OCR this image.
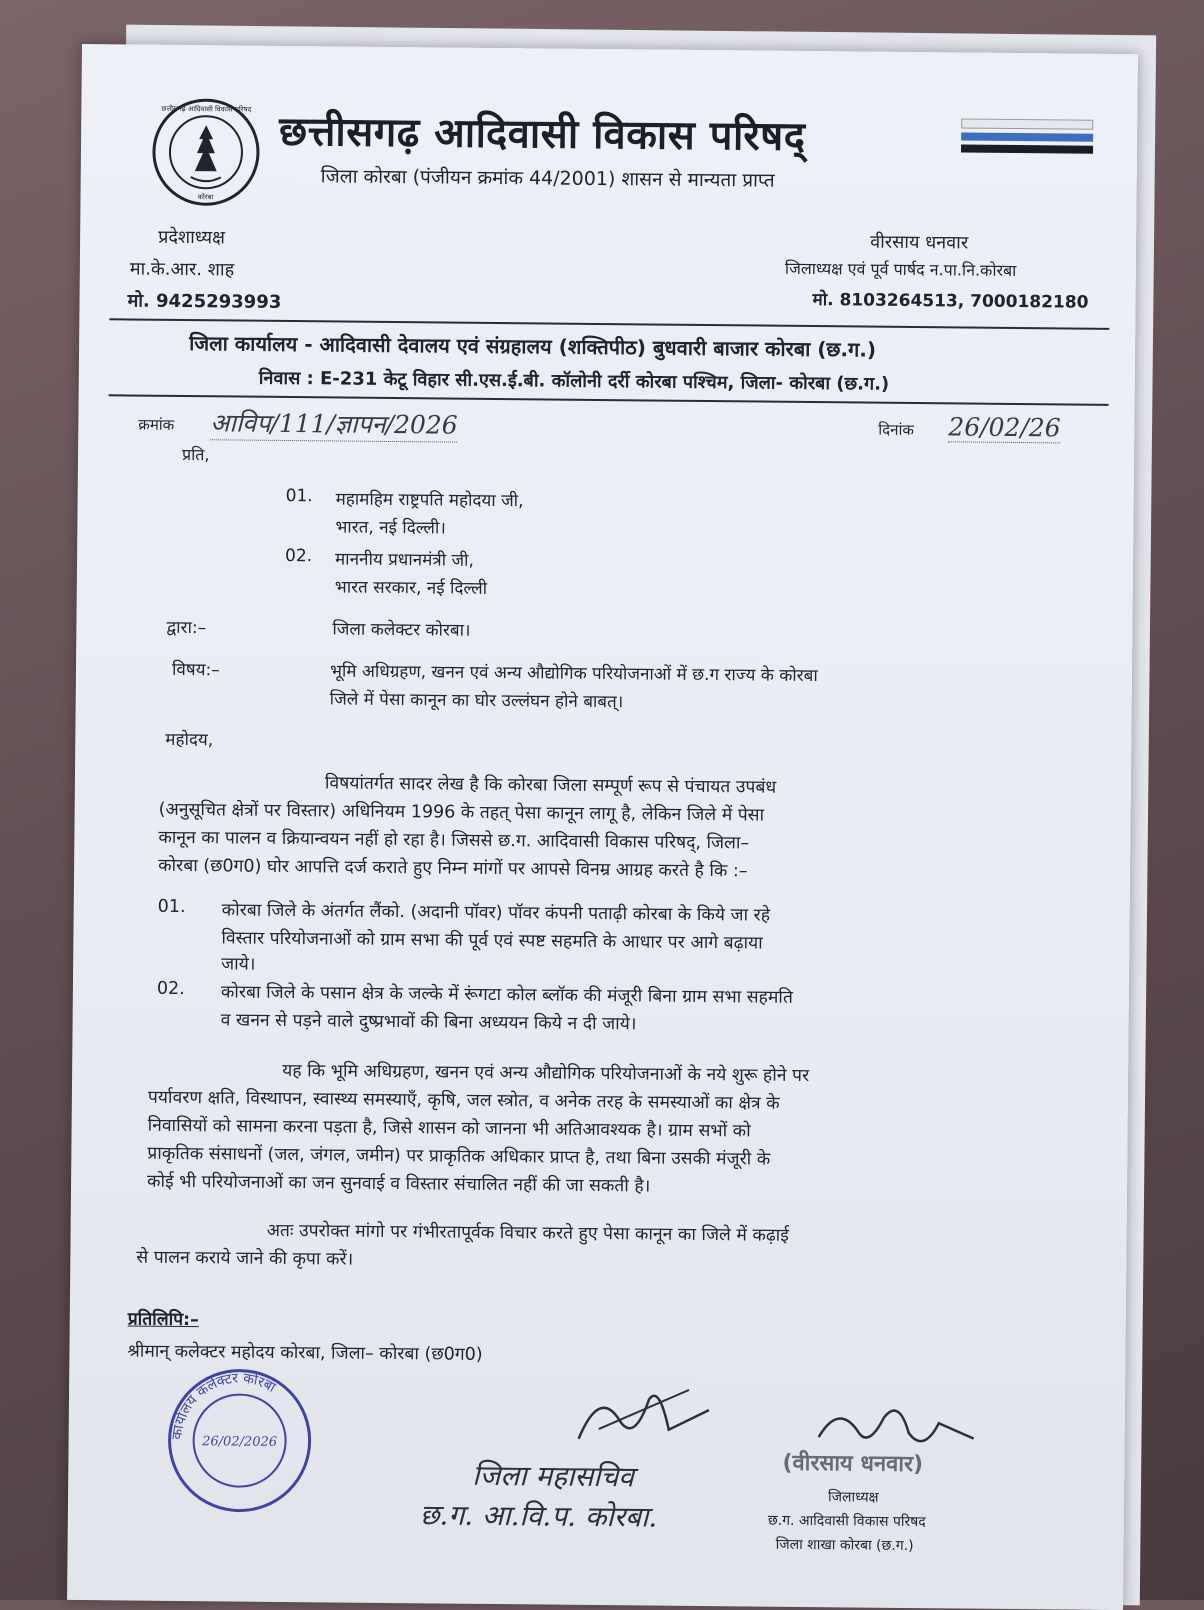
छत्तीसगढ़ आदिवासी विकास परिषद
कोरबा
छत्तीसगढ़ आदिवासी विकास परिषद्
जिला कोरबा (पंजीयन क्रमांक 44/2001) शासन से मान्यता प्राप्त
प्रदेशाध्यक्ष
मा.के.आर. शाह
मो. 9425293993
वीरसाय धनवार
जिलाध्यक्ष एवं पूर्व पार्षद न.पा.नि.कोरबा
मो. 8103264513, 7000182180
जिला कार्यालय - आदिवासी देवालय एवं संग्रहालय (शक्तिपीठ) बुधवारी बाजार कोरबा (छ.ग.)
निवास : E-231 केटू विहार सी.एस.ई.बी. कॉलोनी दर्री कोरबा पश्चिम, जिला- कोरबा (छ.ग.)
क्रमांक आविप/111/ज्ञापन/2026	दिनांक 26/02/26
प्रति,
01. महामहिम राष्ट्रपति महोदया जी,
भारत, नई दिल्ली।
02. माननीय प्रधानमंत्री जी,
भारत सरकार, नई दिल्ली
द्वारा:–	जिला कलेक्टर कोरबा।
विषय:–	भूमि अधिग्रहण, खनन एवं अन्य औद्योगिक परियोजनाओं में छ.ग राज्य के कोरबा
जिले में पेसा कानून का घोर उल्लंघन होने बाबत्।
महोदय,
विषयांतर्गत सादर लेख है कि कोरबा जिला सम्पूर्ण रूप से पंचायत उपबंध
(अनुसूचित क्षेत्रों पर विस्तार) अधिनियम 1996 के तहत् पेसा कानून लागू है, लेकिन जिले में पेसा
कानून का पालन व क्रियान्वयन नहीं हो रहा है। जिससे छ.ग. आदिवासी विकास परिषद्, जिला–
कोरबा (छ0ग0) घोर आपत्ति दर्ज कराते हुए निम्न मांगों पर आपसे विनम्र आग्रह करते है कि :–
01. कोरबा जिले के अंतर्गत लैंको. (अदानी पॉवर) पॉवर कंपनी पताढ़ी कोरबा के किये जा रहे
विस्तार परियोजनाओं को ग्राम सभा की पूर्व एवं स्पष्ट सहमति के आधार पर आगे बढ़ाया
जाये।
02. कोरबा जिले के पसान क्षेत्र के जल्के में रूंगटा कोल ब्लॉक की मंजूरी बिना ग्राम सभा सहमति
व खनन से पड़ने वाले दुष्प्रभावों की बिना अध्ययन किये न दी जाये।
यह कि भूमि अधिग्रहण, खनन एवं अन्य औद्योगिक परियोजनाओं के नये शुरू होने पर
पर्यावरण क्षति, विस्थापन, स्वास्थ्य समस्याएँ, कृषि, जल स्त्रोत, व अनेक तरह के समस्याओं का क्षेत्र के
निवासियों को सामना करना पड़ता है, जिसे शासन को जानना भी अतिआवश्यक है। ग्राम सभों को
प्राकृतिक संसाधनों (जल, जंगल, जमीन) पर प्राकृतिक अधिकार प्राप्त है, तथा बिना उसकी मंजूरी के
कोई भी परियोजनाओं का जन सुनवाई व विस्तार संचालित नहीं की जा सकती है।
अतः उपरोक्त मांगो पर गंभीरतापूर्वक विचार करते हुए पेसा कानून का जिले में कढ़ाई
से पालन कराये जाने की कृपा करें।
प्रतिलिपि:–
श्रीमान् कलेक्टर महोदय कोरबा, जिला– कोरबा (छ0ग0)
कार्यालय कलेक्टर कोरबा
26/02/2026
जिला महासचिव
छ.ग. आ.वि.प. कोरबा.
(वीरसाय धनवार)
जिलाध्यक्ष
छ.ग. आदिवासी विकास परिषद
जिला शाखा कोरबा (छ.ग.)
